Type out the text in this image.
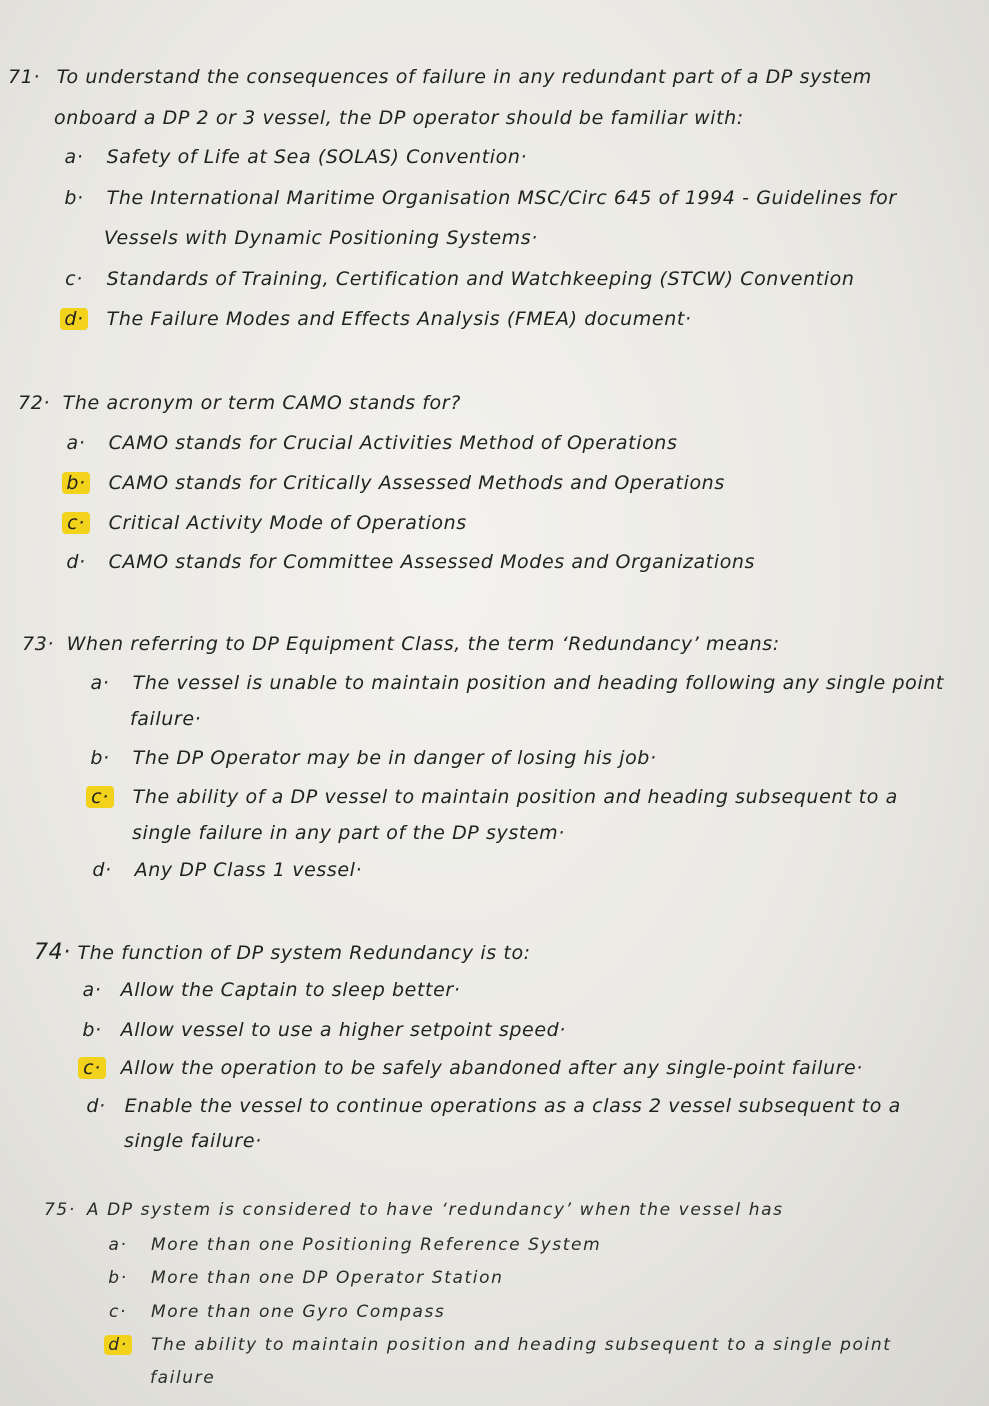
71· To understand the consequences of failure in any redundant part of a DP system
onboard a DP 2 or 3 vessel, the DP operator should be familiar with:
a· Safety of Life at Sea (SOLAS) Convention·
b· The International Maritime Organisation MSC/Circ 645 of 1994 - Guidelines for
Vessels with Dynamic Positioning Systems·
c· Standards of Training, Certification and Watchkeeping (STCW) Convention
d· The Failure Modes and Effects Analysis (FMEA) document·
72· The acronym or term CAMO stands for?
a· CAMO stands for Crucial Activities Method of Operations
b· CAMO stands for Critically Assessed Methods and Operations
c· Critical Activity Mode of Operations
d· CAMO stands for Committee Assessed Modes and Organizations
73· When referring to DP Equipment Class, the term ‘Redundancy’ means:
a· The vessel is unable to maintain position and heading following any single point
failure·
b· The DP Operator may be in danger of losing his job·
c· The ability of a DP vessel to maintain position and heading subsequent to a
single failure in any part of the DP system·
d· Any DP Class 1 vessel·
74· The function of DP system Redundancy is to:
a· Allow the Captain to sleep better·
b· Allow vessel to use a higher setpoint speed·
c· Allow the operation to be safely abandoned after any single-point failure·
d· Enable the vessel to continue operations as a class 2 vessel subsequent to a
single failure·
75· A DP system is considered to have ‘redundancy’ when the vessel has
a· More than one Positioning Reference System
b· More than one DP Operator Station
c· More than one Gyro Compass
d· The ability to maintain position and heading subsequent to a single point
failure
